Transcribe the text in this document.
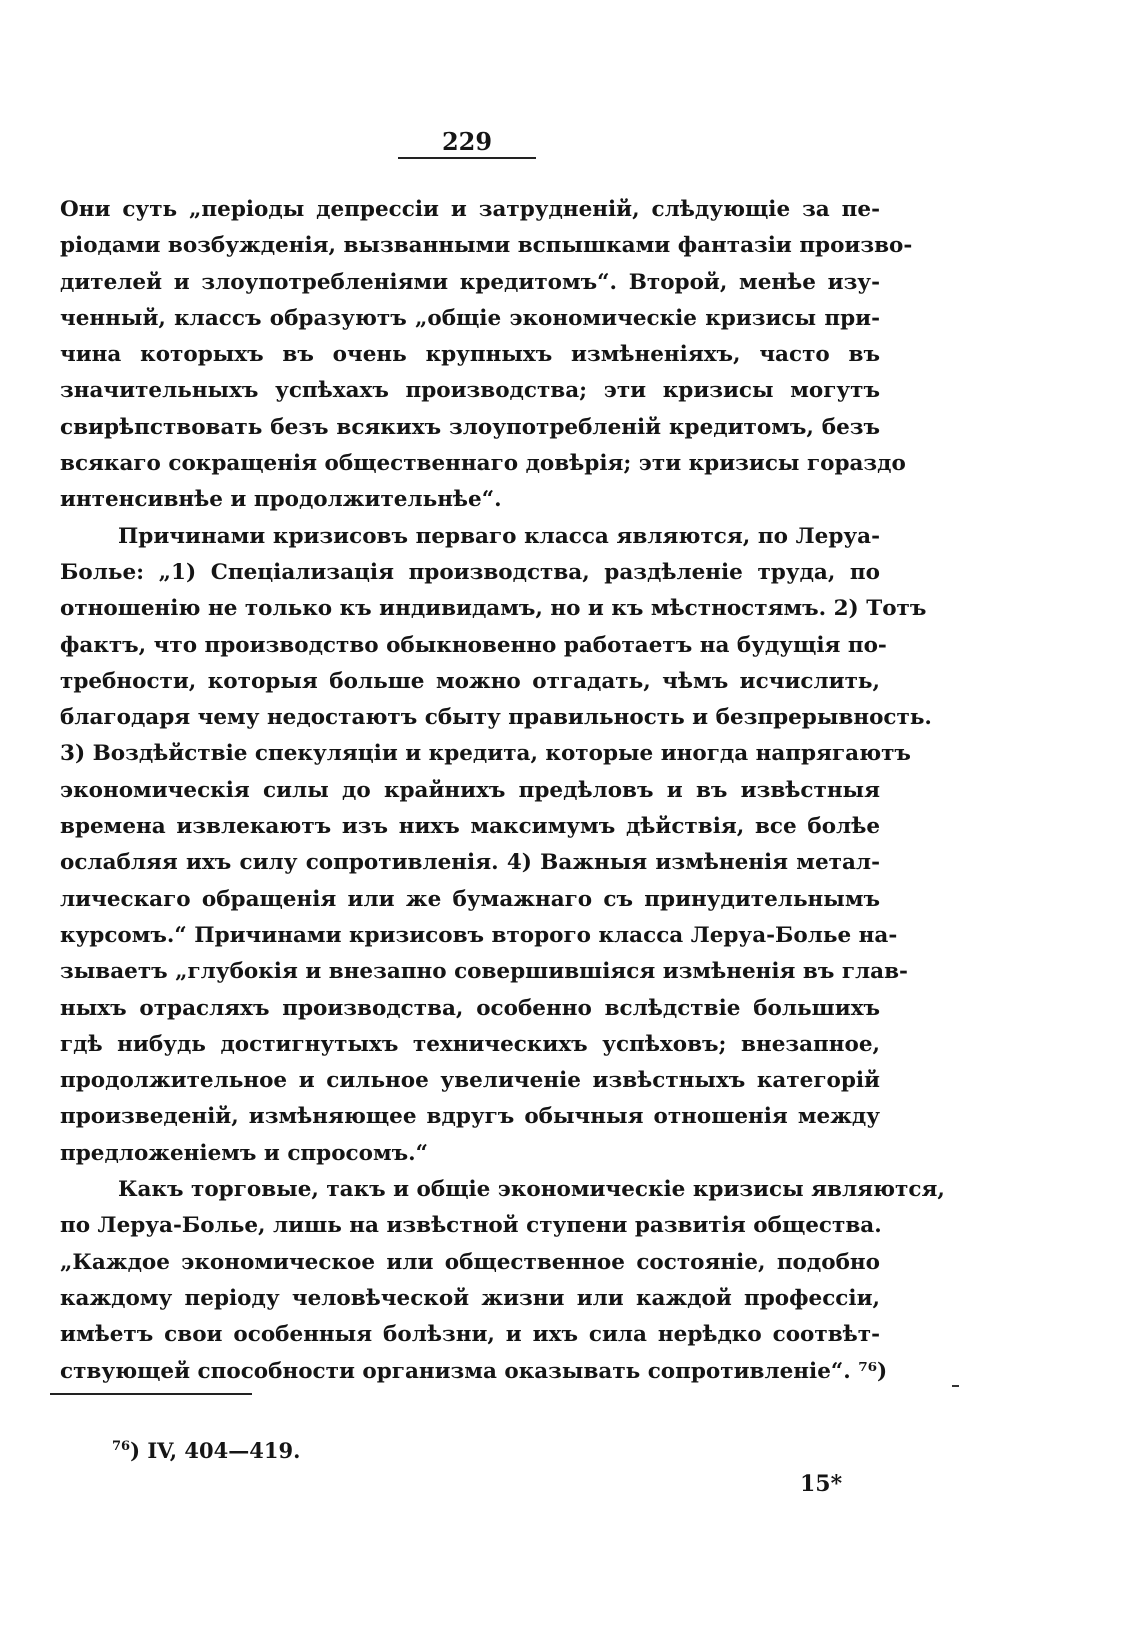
229
Они суть „періоды депрессіи и затрудненій, слѣдующіе за пе-
ріодами возбужденія, вызванными вспышками фантазіи произво-
дителей и злоупотребленіями кредитомъ“. Второй, менѣе изу-
ченный, классъ образуютъ „общіе экономическіе кризисы при-
чина которыхъ въ очень крупныхъ измѣненіяхъ, часто въ
значительныхъ успѣхахъ производства; эти кризисы могутъ
свирѣпствовать безъ всякихъ злоупотребленій кредитомъ, безъ
всякаго сокращенія общественнаго довѣрія; эти кризисы гораздо
интенсивнѣе и продолжительнѣе“.
Причинами кризисовъ перваго класса являются, по Леруа-
Болье: „1) Спеціализація производства, раздѣленіе труда, по
отношенію не только къ индивидамъ, но и къ мѣстностямъ. 2) Тотъ
фактъ, что производство обыкновенно работаетъ на будущія по-
требности, которыя больше можно отгадать, чѣмъ исчислить,
благодаря чему недостаютъ сбыту правильность и безпрерывность.
3) Воздѣйствіе спекуляціи и кредита, которые иногда напрягаютъ
экономическія силы до крайнихъ предѣловъ и въ извѣстныя
времена извлекаютъ изъ нихъ максимумъ дѣйствія, все болѣе
ослабляя ихъ силу сопротивленія. 4) Важныя измѣненія метал-
лическаго обращенія или же бумажнаго съ принудительнымъ
курсомъ.“ Причинами кризисовъ второго класса Леруа-Болье на-
зываетъ „глубокія и внезапно совершившіяся измѣненія въ глав-
ныхъ отрасляхъ производства, особенно вслѣдствіе большихъ
гдѣ нибудь достигнутыхъ техническихъ успѣховъ; внезапное,
продолжительное и сильное увеличеніе извѣстныхъ категорій
произведеній, измѣняющее вдругъ обычныя отношенія между
предложеніемъ и спросомъ.“
Какъ торговые, такъ и общіе экономическіе кризисы являются,
по Леруа-Болье, лишь на извѣстной ступени развитія общества.
„Каждое экономическое или общественное состояніе, подобно
каждому періоду человѣческой жизни или каждой профессіи,
имѣетъ свои особенныя болѣзни, и ихъ сила нерѣдко соотвѣт-
ствующей способности организма оказывать сопротивленіе“. ⁷⁶)
$^{76}$) IV, 404—419.
15*
